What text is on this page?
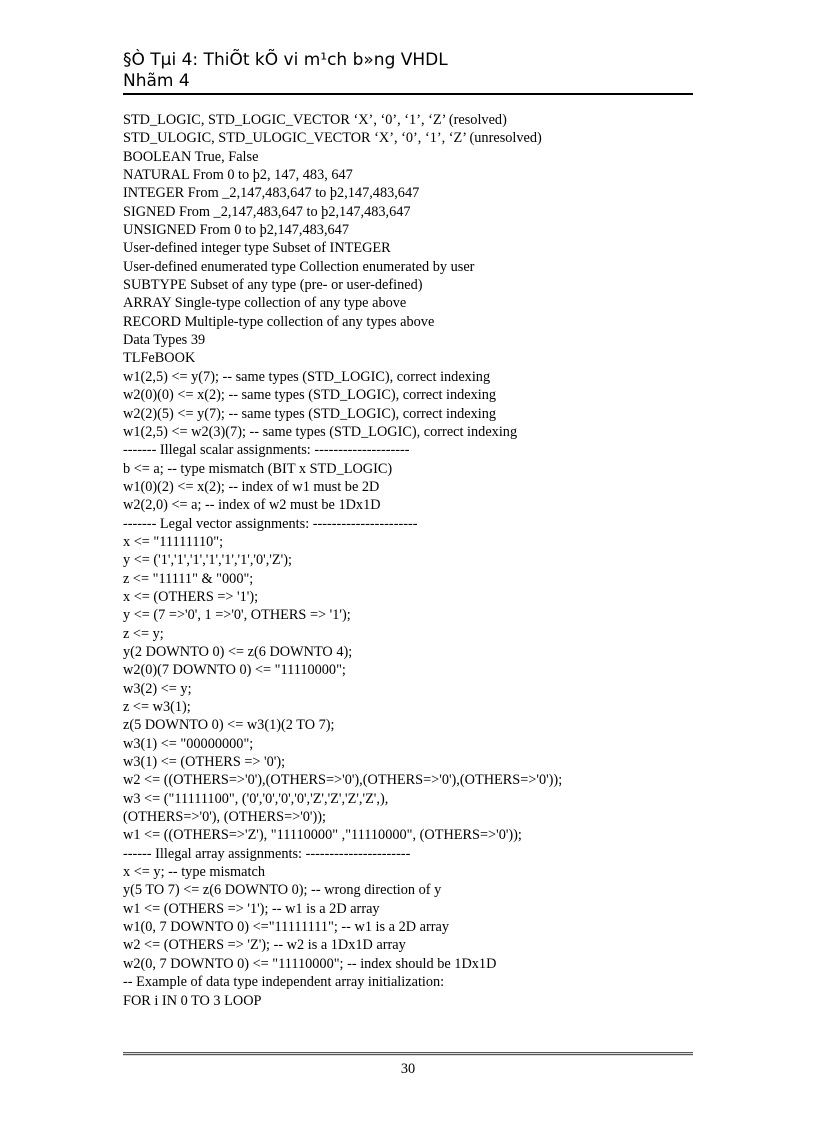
§Ò Tµi 4: ThiÕt kÕ vi m¹ch b»ng VHDL
Nhãm 4
STD_LOGIC, STD_LOGIC_VECTOR ‘X’, ‘0’, ‘1’, ‘Z’ (resolved)
STD_ULOGIC, STD_ULOGIC_VECTOR ‘X’, ‘0’, ‘1’, ‘Z’ (unresolved)
BOOLEAN True, False
NATURAL From 0 to þ2, 147, 483, 647
INTEGER From _2,147,483,647 to þ2,147,483,647
SIGNED From _2,147,483,647 to þ2,147,483,647
UNSIGNED From 0 to þ2,147,483,647
User-defined integer type Subset of INTEGER
User-defined enumerated type Collection enumerated by user
SUBTYPE Subset of any type (pre- or user-defined)
ARRAY Single-type collection of any type above
RECORD Multiple-type collection of any types above
Data Types 39
TLFeBOOK
w1(2,5) <= y(7); -- same types (STD_LOGIC), correct indexing
w2(0)(0) <= x(2); -- same types (STD_LOGIC), correct indexing
w2(2)(5) <= y(7); -- same types (STD_LOGIC), correct indexing
w1(2,5) <= w2(3)(7); -- same types (STD_LOGIC), correct indexing
------- Illegal scalar assignments: --------------------
b <= a; -- type mismatch (BIT x STD_LOGIC)
w1(0)(2) <= x(2); -- index of w1 must be 2D
w2(2,0) <= a; -- index of w2 must be 1Dx1D
------- Legal vector assignments: ----------------------
x <= "11111110";
y <= ('1','1','1','1','1','1','0','Z');
z <= "11111" & "000";
x <= (OTHERS => '1');
y <= (7 =>'0', 1 =>'0', OTHERS => '1');
z <= y;
y(2 DOWNTO 0) <= z(6 DOWNTO 4);
w2(0)(7 DOWNTO 0) <= "11110000";
w3(2) <= y;
z <= w3(1);
z(5 DOWNTO 0) <= w3(1)(2 TO 7);
w3(1) <= "00000000";
w3(1) <= (OTHERS => '0');
w2 <= ((OTHERS=>'0'),(OTHERS=>'0'),(OTHERS=>'0'),(OTHERS=>'0'));
w3 <= ("11111100", ('0','0','0','0','Z','Z','Z','Z',),
(OTHERS=>'0'), (OTHERS=>'0'));
w1 <= ((OTHERS=>'Z'), "11110000" ,"11110000", (OTHERS=>'0'));
------ Illegal array assignments: ----------------------
x <= y; -- type mismatch
y(5 TO 7) <= z(6 DOWNTO 0); -- wrong direction of y
w1 <= (OTHERS => '1'); -- w1 is a 2D array
w1(0, 7 DOWNTO 0) <="11111111"; -- w1 is a 2D array
w2 <= (OTHERS => 'Z'); -- w2 is a 1Dx1D array
w2(0, 7 DOWNTO 0) <= "11110000"; -- index should be 1Dx1D
-- Example of data type independent array initialization:
FOR i IN 0 TO 3 LOOP
30
